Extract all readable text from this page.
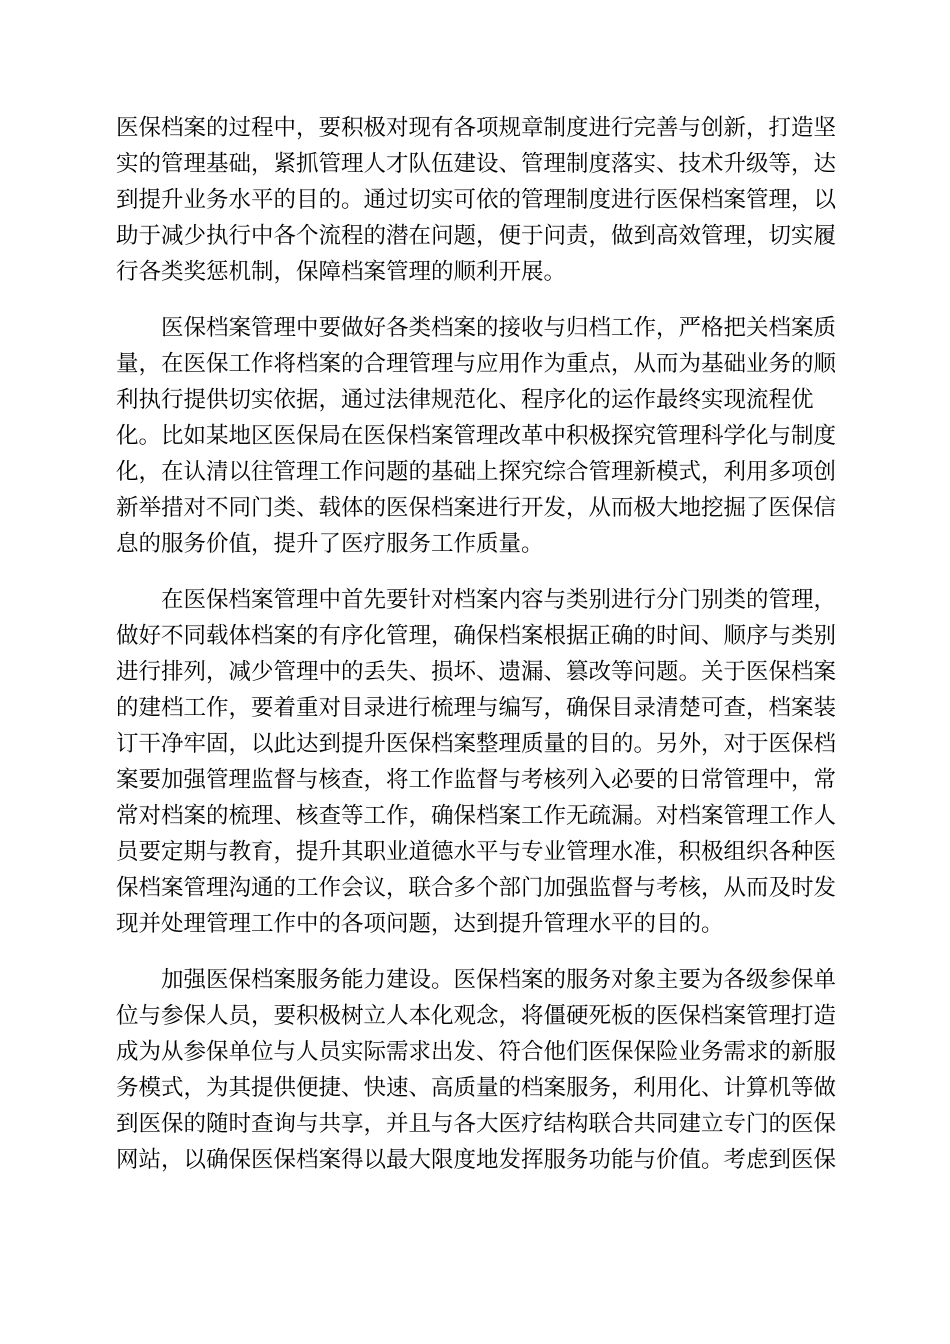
医保档案的过程中，要积极对现有各项规章制度进行完善与创新，打造坚
实的管理基础，紧抓管理人才队伍建设、管理制度落实、技术升级等，达
到提升业务水平的目的。通过切实可依的管理制度进行医保档案管理，以
助于减少执行中各个流程的潜在问题，便于问责，做到高效管理，切实履
行各类奖惩机制，保障档案管理的顺利开展。
医保档案管理中要做好各类档案的接收与归档工作，严格把关档案质
量，在医保工作将档案的合理管理与应用作为重点，从而为基础业务的顺
利执行提供切实依据，通过法律规范化、程序化的运作最终实现流程优
化。比如某地区医保局在医保档案管理改革中积极探究管理科学化与制度
化，在认清以往管理工作问题的基础上探究综合管理新模式，利用多项创
新举措对不同门类、载体的医保档案进行开发，从而极大地挖掘了医保信
息的服务价值，提升了医疗服务工作质量。
在医保档案管理中首先要针对档案内容与类别进行分门别类的管理，
做好不同载体档案的有序化管理，确保档案根据正确的时间、顺序与类别
进行排列，减少管理中的丢失、损坏、遗漏、篡改等问题。关于医保档案
的建档工作，要着重对目录进行梳理与编写，确保目录清楚可查，档案装
订干净牢固，以此达到提升医保档案整理质量的目的。另外，对于医保档
案要加强管理监督与核查，将工作监督与考核列入必要的日常管理中，常
常对档案的梳理、核查等工作，确保档案工作无疏漏。对档案管理工作人
员要定期与教育，提升其职业道德水平与专业管理水准，积极组织各种医
保档案管理沟通的工作会议，联合多个部门加强监督与考核，从而及时发
现并处理管理工作中的各项问题，达到提升管理水平的目的。
加强医保档案服务能力建设。医保档案的服务对象主要为各级参保单
位与参保人员，要积极树立人本化观念，将僵硬死板的医保档案管理打造
成为从参保单位与人员实际需求出发、符合他们医保保险业务需求的新服
务模式，为其提供便捷、快速、高质量的档案服务，利用化、计算机等做
到医保的随时查询与共享，并且与各大医疗结构联合共同建立专门的医保
网站，以确保医保档案得以最大限度地发挥服务功能与价值。考虑到医保
